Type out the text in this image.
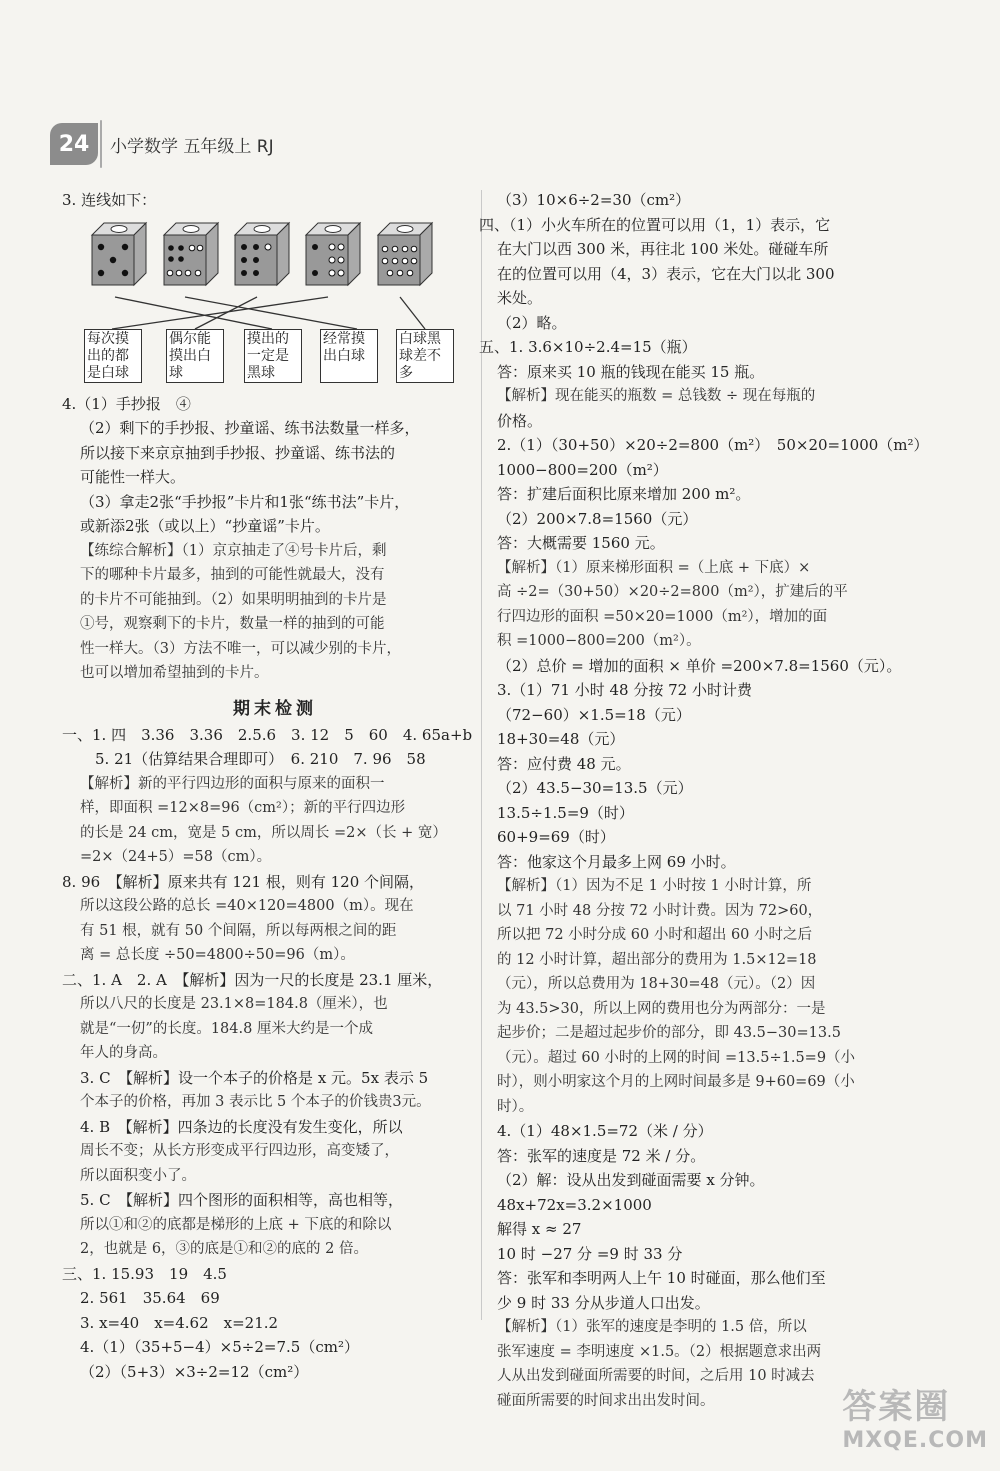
24	小学数学 五年级上 RJ
3. 连线如下：
每次摸出的都是白球
偶尔能摸出白球
摸出的一定是黑球
经常摸出白球
白球黑球差不多
4.（1）手抄报　④
（2）剩下的手抄报、抄童谣、练书法数量一样多，
所以接下来京京抽到手抄报、抄童谣、练书法的
可能性一样大。
（3）拿走2张“手抄报”卡片和1张“练书法”卡片，
或新添2张（或以上）“抄童谣”卡片。
【练综合解析】（1）京京抽走了④号卡片后，剩
下的哪种卡片最多，抽到的可能性就最大，没有
的卡片不可能抽到。（2）如果明明抽到的卡片是
①号，观察剩下的卡片，数量一样的抽到的可能
性一样大。（3）方法不唯一，可以减少别的卡片，
也可以增加希望抽到的卡片。
期末检测
一、1. 四　3.36　3.36　2.5.6　3. 12　5　60　4. 65a+b
　5. 21（估算结果合理即可）　6. 210　7. 96　58
【解析】新的平行四边形的面积与原来的面积一
样，即面积 =12×8=96（cm²）；新的平行四边形
的长是 24 cm，宽是 5 cm，所以周长 =2×（长 + 宽）
=2×（24+5）=58（cm）。
8. 96　【解析】原来共有 121 根，则有 120 个间隔，
所以这段公路的总长 =40×120=4800（m）。现在
有 51 根，就有 50 个间隔，所以每两根之间的距
离 = 总长度 ÷50=4800÷50=96（m）。
二、1. A　2. A　【解析】因为一尺的长度是 23.1 厘米，
所以八尺的长度是 23.1×8=184.8（厘米），也
就是“一仞”的长度。184.8 厘米大约是一个成
年人的身高。
3. C　【解析】设一个本子的价格是 x 元。5x 表示 5
个本子的价格，再加 3 表示比 5 个本子的价钱贵3元。
4. B　【解析】四条边的长度没有发生变化，所以
周长不变；从长方形变成平行四边形，高变矮了，
所以面积变小了。
5. C　【解析】四个图形的面积相等，高也相等，
所以①和②的底都是梯形的上底 + 下底的和除以
2，也就是 6，③的底是①和②的底的 2 倍。
三、1. 15.93　19　4.5
2. 561　35.64　69
3. x=40　x=4.62　x=21.2
4.（1）（35+5−4）×5÷2=7.5（cm²）
（2）（5+3）×3÷2=12（cm²）
（3）10×6÷2=30（cm²）
四、（1）小火车所在的位置可以用（1，1）表示，它
在大门以西 300 米，再往北 100 米处。碰碰车所
在的位置可以用（4，3）表示，它在大门以北 300
米处。
（2）略。
五、1. 3.6×10÷2.4=15（瓶）
答：原来买 10 瓶的钱现在能买 15 瓶。
【解析】现在能买的瓶数 = 总钱数 ÷ 现在每瓶的
价格。
2.（1）（30+50）×20÷2=800（m²）　50×20=1000（m²）
1000−800=200（m²）
答：扩建后面积比原来增加 200 m²。
（2）200×7.8=1560（元）
答：大概需要 1560 元。
【解析】（1）原来梯形面积 =（上底 + 下底）×
高 ÷2=（30+50）×20÷2=800（m²），扩建后的平
行四边形的面积 =50×20=1000（m²），增加的面
积 =1000−800=200（m²）。
（2）总价 = 增加的面积 × 单价 =200×7.8=1560（元）。
3.（1）71 小时 48 分按 72 小时计费
（72−60）×1.5=18（元）
18+30=48（元）
答：应付费 48 元。
（2）43.5−30=13.5（元）
13.5÷1.5=9（时）
60+9=69（时）
答：他家这个月最多上网 69 小时。
【解析】（1）因为不足 1 小时按 1 小时计算，所
以 71 小时 48 分按 72 小时计费。因为 72>60，
所以把 72 小时分成 60 小时和超出 60 小时之后
的 12 小时计算，超出部分的费用为 1.5×12=18
（元），所以总费用为 18+30=48（元）。（2）因
为 43.5>30，所以上网的费用也分为两部分：一是
起步价；二是超过起步价的部分，即 43.5−30=13.5
（元）。超过 60 小时的上网的时间 =13.5÷1.5=9（小
时），则小明家这个月的上网时间最多是 9+60=69（小
时）。
4.（1）48×1.5=72（米 / 分）
答：张军的速度是 72 米 / 分。
（2）解：设从出发到碰面需要 x 分钟。
48x+72x=3.2×1000
解得 x ≈ 27
10 时 −27 分 =9 时 33 分
答：张军和李明两人上午 10 时碰面，那么他们至
少 9 时 33 分从步道人口出发。
【解析】（1）张军的速度是李明的 1.5 倍，所以
张军速度 = 李明速度 ×1.5。（2）根据题意求出两
人从出发到碰面所需要的时间，之后用 10 时减去
碰面所需要的时间求出出发时间。	答案圈
MXQE.COM
